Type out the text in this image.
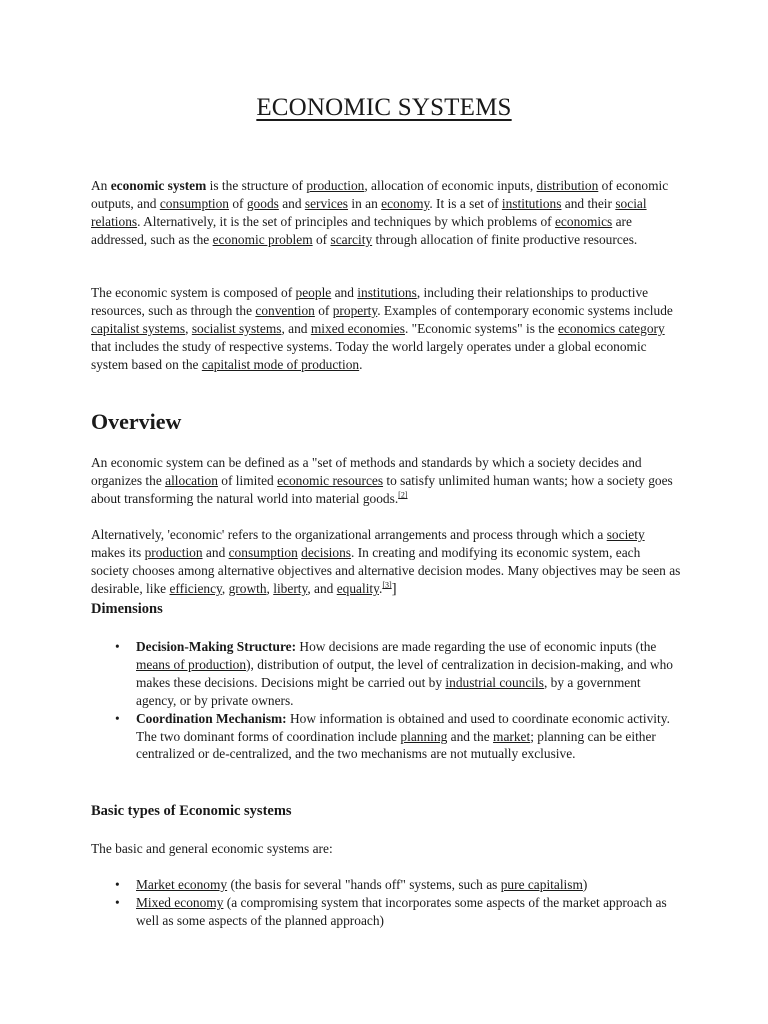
ECONOMIC SYSTEMS

An economic system is the structure of production, allocation of economic inputs, distribution of economic outputs, and consumption of goods and services in an economy. It is a set of institutions and their social relations. Alternatively, it is the set of principles and techniques by which problems of economics are addressed, such as the economic problem of scarcity through allocation of finite productive resources.

The economic system is composed of people and institutions, including their relationships to productive resources, such as through the convention of property. Examples of contemporary economic systems include capitalist systems, socialist systems, and mixed economies. "Economic systems" is the economics category that includes the study of respective systems. Today the world largely operates under a global economic system based on the capitalist mode of production.

Overview

An economic system can be defined as a "set of methods and standards by which a society decides and organizes the allocation of limited economic resources to satisfy unlimited human wants; how a society goes about transforming the natural world into material goods.[2]

Alternatively, 'economic' refers to the organizational arrangements and process through which a society makes its production and consumption decisions. In creating and modifying its economic system, each society chooses among alternative objectives and alternative decision modes. Many objectives may be seen as desirable, like efficiency, growth, liberty, and equality.[3]]

Dimensions
• Decision-Making Structure: How decisions are made regarding the use of economic inputs (the means of production), distribution of output, the level of centralization in decision-making, and who makes these decisions. Decisions might be carried out by industrial councils, by a government agency, or by private owners.
• Coordination Mechanism: How information is obtained and used to coordinate economic activity. The two dominant forms of coordination include planning and the market; planning can be either centralized or de-centralized, and the two mechanisms are not mutually exclusive.
Basic types of Economic systems

The basic and general economic systems are:

• Market economy (the basis for several "hands off" systems, such as pure capitalism)
• Mixed economy (a compromising system that incorporates some aspects of the market approach as well as some aspects of the planned approach)
